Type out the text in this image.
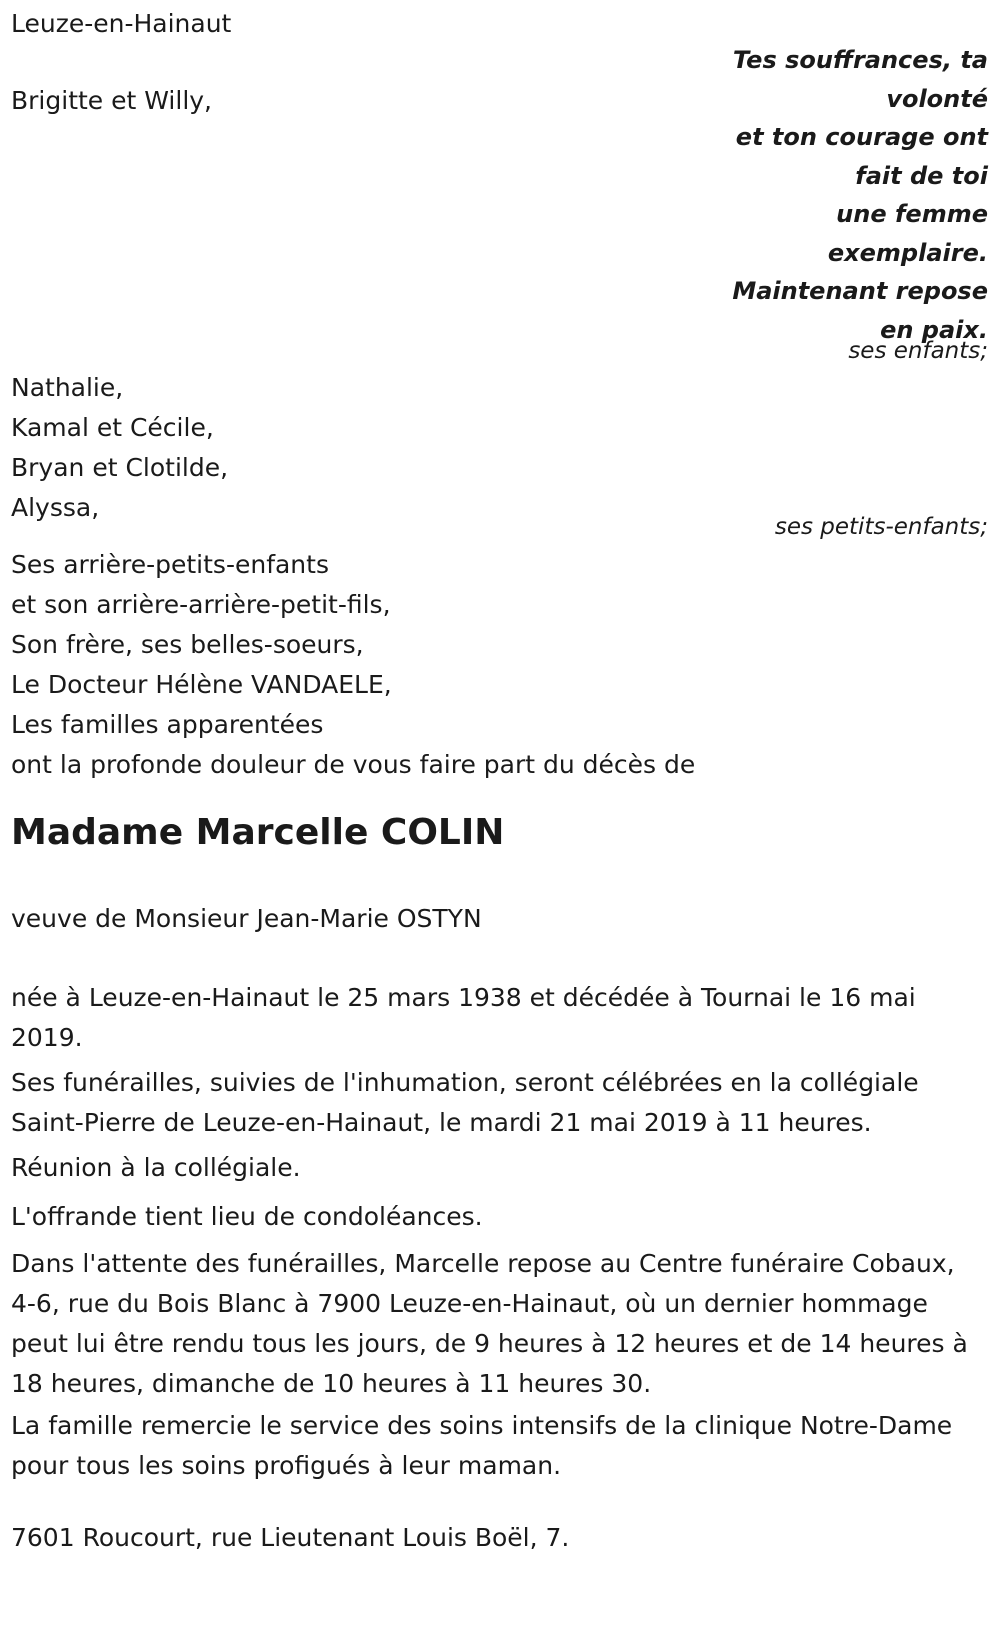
Leuze-en-Hainaut

Brigitte et Willy,

Tes souffrances, ta
volonté
et ton courage ont
fait de toi
une femme
exemplaire.
Maintenant repose
en paix.

ses enfants;

Nathalie,
Kamal et Cécile,
Bryan et Clotilde,
Alyssa,

ses petits-enfants;

Ses arrière-petits-enfants
et son arrière-arrière-petit-fils,
Son frère, ses belles-soeurs,
Le Docteur Hélène VANDAELE,
Les familles apparentées
ont la profonde douleur de vous faire part du décès de
Madame Marcelle COLIN

veuve de Monsieur Jean-Marie OSTYN

née à Leuze-en-Hainaut le 25 mars 1938 et décédée à Tournai le 16 mai 2019.

Ses funérailles, suivies de l'inhumation, seront célébrées en la collégiale Saint-Pierre de Leuze-en-Hainaut, le mardi 21 mai 2019 à 11 heures.

Réunion à la collégiale.

L'offrande tient lieu de condoléances.

Dans l'attente des funérailles, Marcelle repose au Centre funéraire Cobaux, 4-6, rue du Bois Blanc à 7900 Leuze-en-Hainaut, où un dernier hommage peut lui être rendu tous les jours, de 9 heures à 12 heures et de 14 heures à 18 heures, dimanche de 10 heures à 11 heures 30.

La famille remercie le service des soins intensifs de la clinique Notre-Dame pour tous les soins profigués à leur maman.

7601 Roucourt, rue Lieutenant Louis Boël, 7.
